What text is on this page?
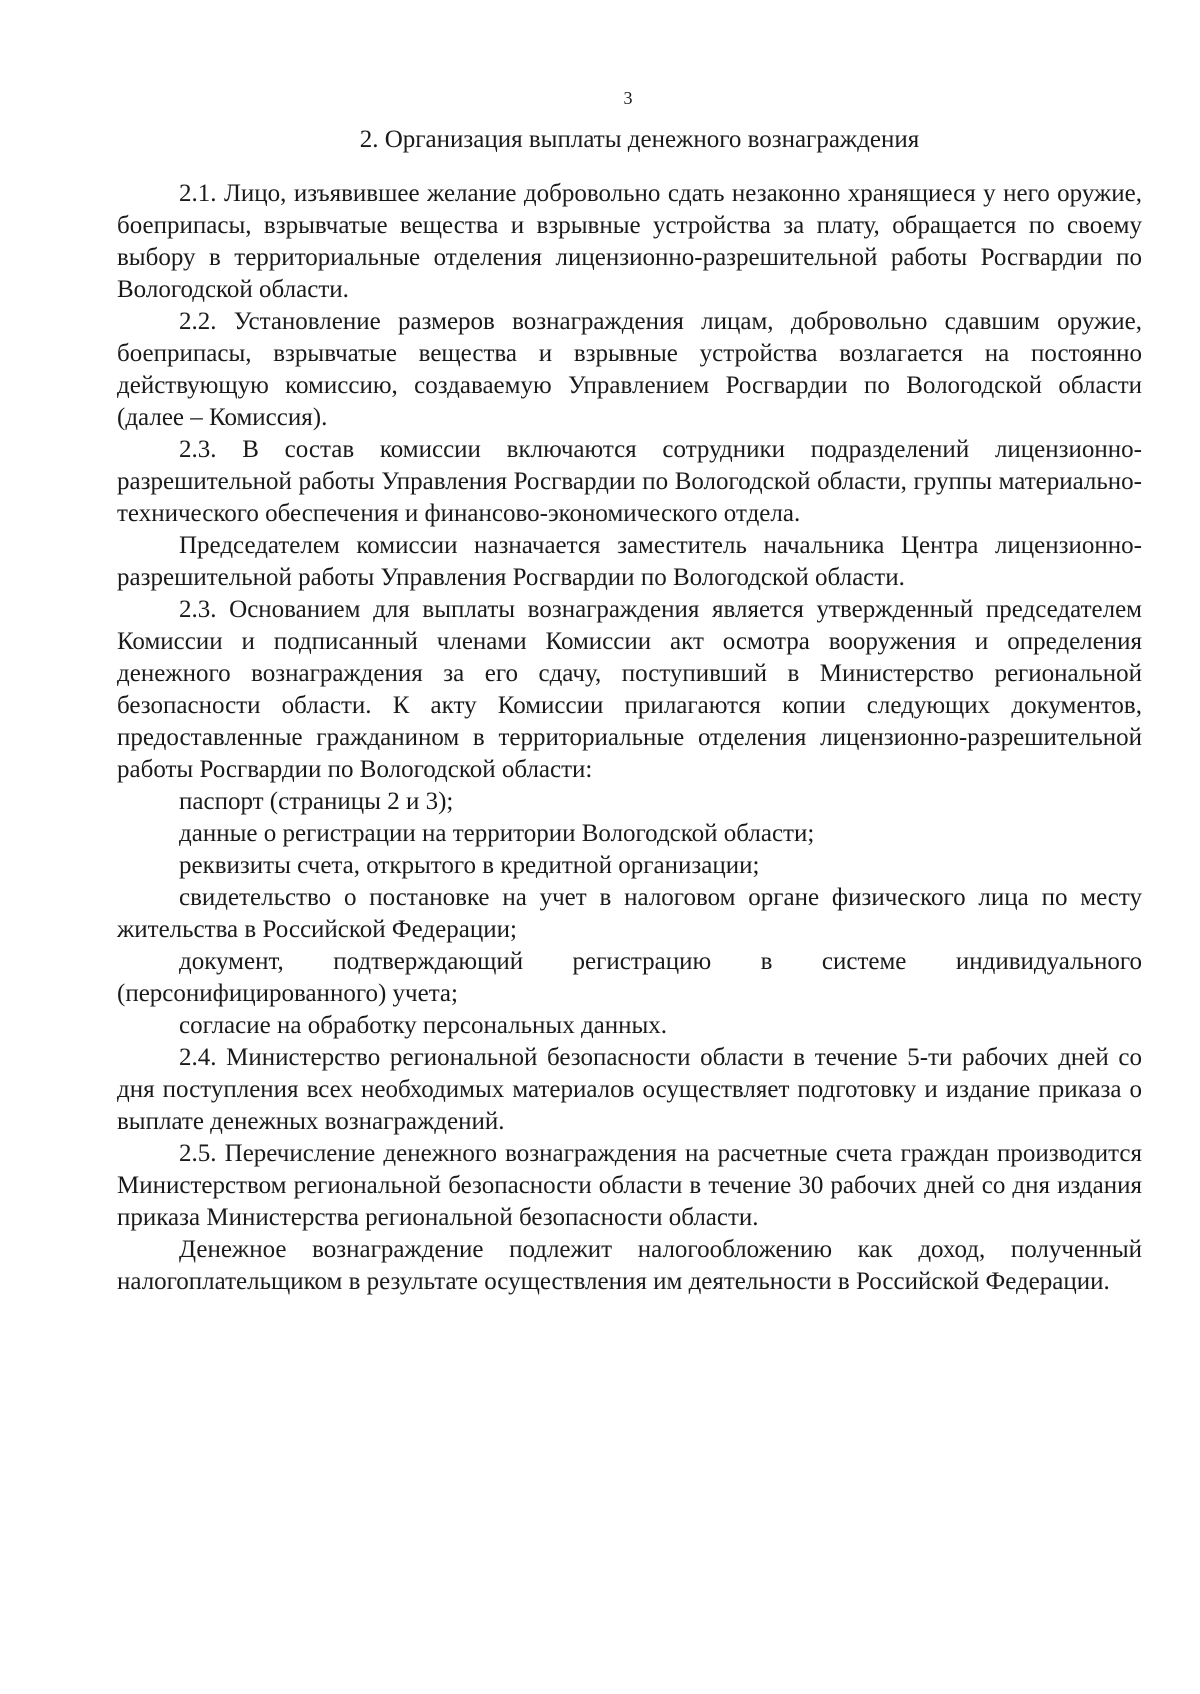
3
2. Организация выплаты денежного вознаграждения

2.1. Лицо, изъявившее желание добровольно сдать незаконно хранящиеся у него оружие, боеприпасы, взрывчатые вещества и взрывные устройства за плату, обращается по своему выбору в территориальные отделения лицензионно-разрешительной работы Росгвардии по Вологодской области.

2.2. Установление размеров вознаграждения лицам, добровольно сдавшим оружие, боеприпасы, взрывчатые вещества и взрывные устройства возлагается на постоянно действующую комиссию, создаваемую Управлением Росгвардии по Вологодской области (далее – Комиссия).

2.3. В состав комиссии включаются сотрудники подразделений лицензионно-разрешительной работы Управления Росгвардии по Вологодской области, группы материально-технического обеспечения и финансово-экономического отдела.

Председателем комиссии назначается заместитель начальника Центра лицензионно-разрешительной работы Управления Росгвардии по Вологодской области.

2.3. Основанием для выплаты вознаграждения является утвержденный председателем Комиссии и подписанный членами Комиссии акт осмотра вооружения и определения денежного вознаграждения за его сдачу, поступивший в Министерство региональной безопасности области. К акту Комиссии прилагаются копии следующих документов, предоставленные гражданином в территориальные отделения лицензионно-разрешительной работы Росгвардии по Вологодской области:

паспорт (страницы 2 и 3);

данные о регистрации на территории Вологодской области;

реквизиты счета, открытого в кредитной организации;

свидетельство о постановке на учет в налоговом органе физического лица по месту жительства в Российской Федерации;

документ, подтверждающий регистрацию в системе индивидуального (персонифицированного) учета;

согласие на обработку персональных данных.

2.4. Министерство региональной безопасности области в течение 5-ти рабочих дней со дня поступления всех необходимых материалов осуществляет подготовку и издание приказа о выплате денежных вознаграждений.

2.5. Перечисление денежного вознаграждения на расчетные счета граждан производится Министерством региональной безопасности области в течение 30 рабочих дней со дня издания приказа Министерства региональной безопасности области.

Денежное вознаграждение подлежит налогообложению как доход, полученный налогоплательщиком в результате осуществления им деятельности в Российской Федерации.
